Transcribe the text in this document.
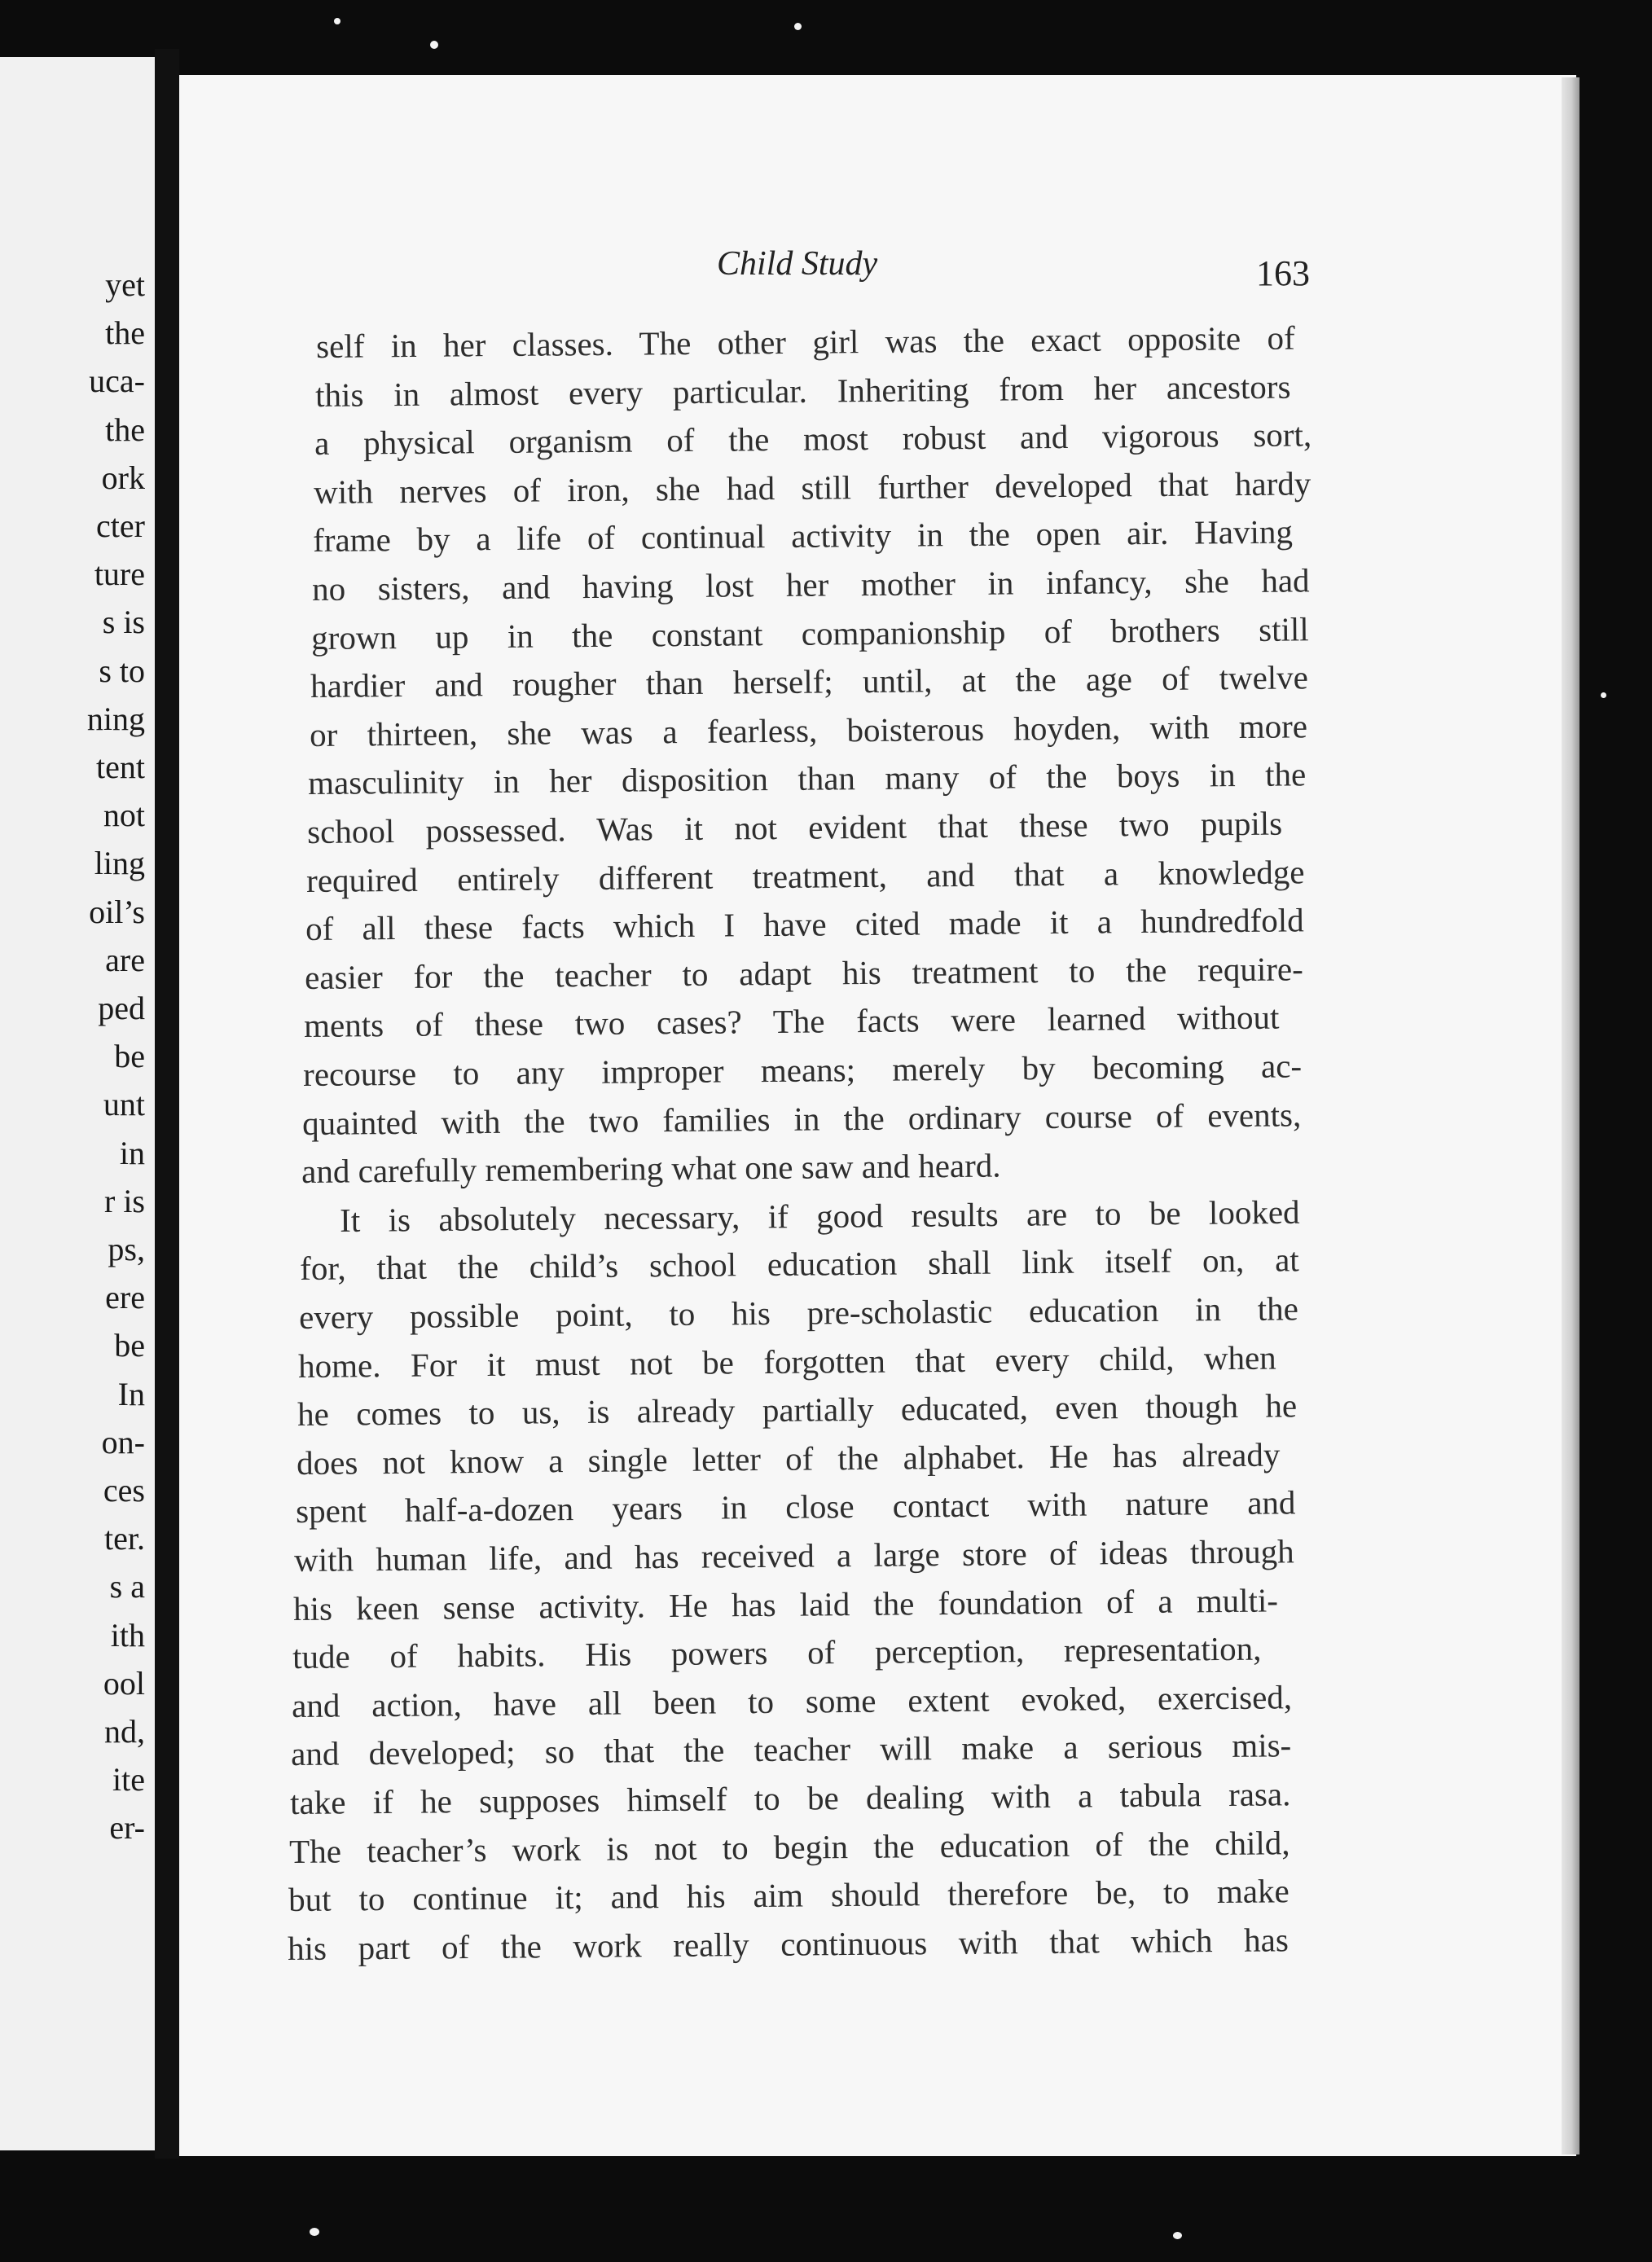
yet
the
uca-
the
ork
cter
ture
s is
s to
ning
tent
not
ling
oil’s
are
ped
be
unt
in
r is
ps,
ere
be
In
on-
ces
ter.
s a
ith
ool
nd,
ite
er-
Child Study	163
self in her classes. The other girl was the exact opposite of
this in almost every particular. Inheriting from her ancestors
a physical organism of the most robust and vigorous sort,
with nerves of iron, she had still further developed that hardy
frame by a life of continual activity in the open air. Having
no sisters, and having lost her mother in infancy, she had
grown up in the constant companionship of brothers still
hardier and rougher than herself; until, at the age of twelve
or thirteen, she was a fearless, boisterous hoyden, with more
masculinity in her disposition than many of the boys in the
school possessed. Was it not evident that these two pupils
required entirely different treatment, and that a knowledge
of all these facts which I have cited made it a hundredfold
easier for the teacher to adapt his treatment to the require-
ments of these two cases? The facts were learned without
recourse to any improper means; merely by becoming ac-
quainted with the two families in the ordinary course of events,
and carefully remembering what one saw and heard.
It is absolutely necessary, if good results are to be looked
for, that the child’s school education shall link itself on, at
every possible point, to his pre-scholastic education in the
home. For it must not be forgotten that every child, when
he comes to us, is already partially educated, even though he
does not know a single letter of the alphabet. He has already
spent half-a-dozen years in close contact with nature and
with human life, and has received a large store of ideas through
his keen sense activity. He has laid the foundation of a multi-
tude of habits. His powers of perception, representation,
and action, have all been to some extent evoked, exercised,
and developed; so that the teacher will make a serious mis-
take if he supposes himself to be dealing with a tabula rasa.
The teacher’s work is not to begin the education of the child,
but to continue it; and his aim should therefore be, to make
his part of the work really continuous with that which has
